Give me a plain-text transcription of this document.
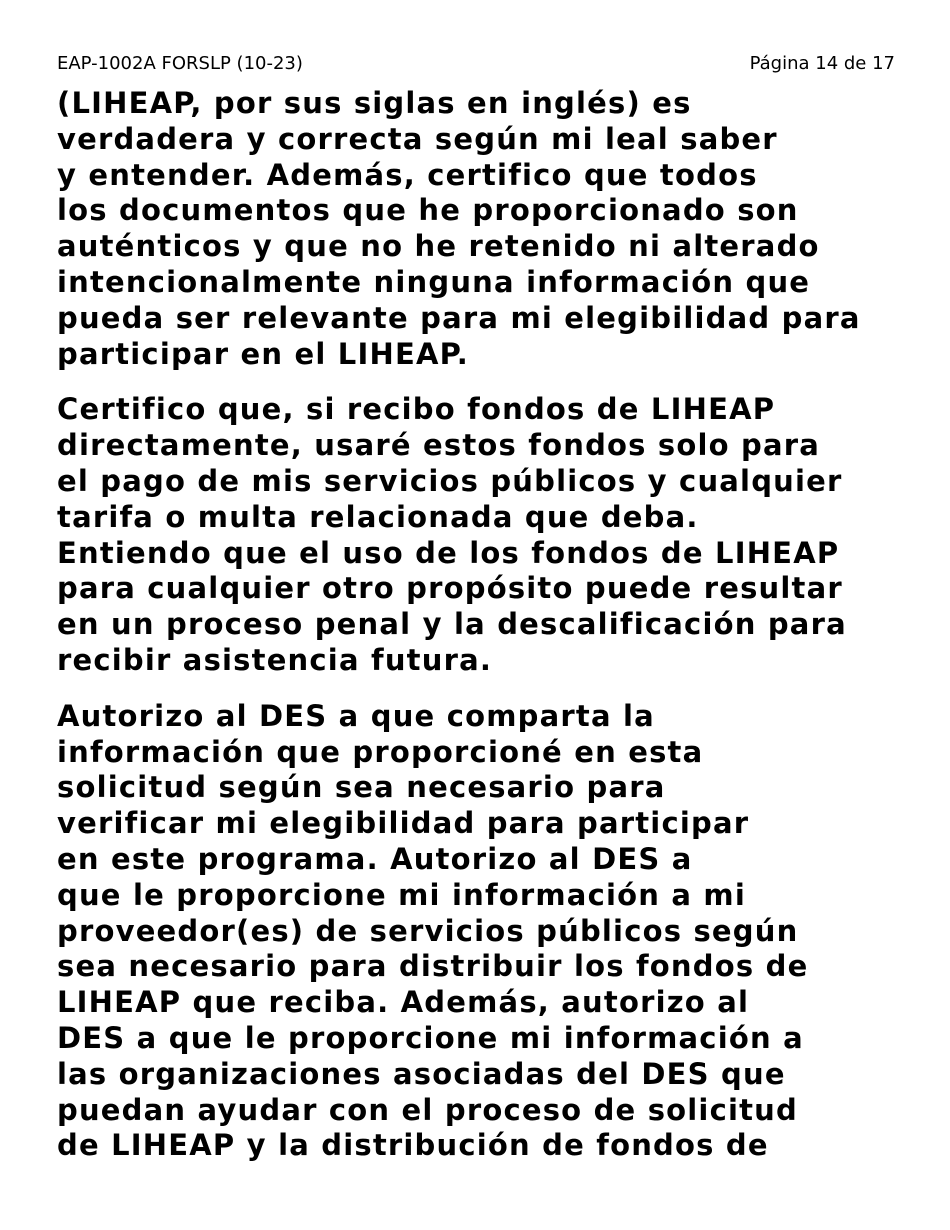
EAP-1002A FORSLP (10-23)	Página 14 de 17
(LIHEAP, por sus siglas en inglés) es
verdadera y correcta según mi leal saber
y entender. Además, certifico que todos
los documentos que he proporcionado son
auténticos y que no he retenido ni alterado
intencionalmente ninguna información que
pueda ser relevante para mi elegibilidad para
participar en el LIHEAP.
Certifico que, si recibo fondos de LIHEAP
directamente, usaré estos fondos solo para
el pago de mis servicios públicos y cualquier
tarifa o multa relacionada que deba.
Entiendo que el uso de los fondos de LIHEAP
para cualquier otro propósito puede resultar
en un proceso penal y la descalificación para
recibir asistencia futura.
Autorizo al DES a que comparta la
información que proporcioné en esta
solicitud según sea necesario para
verificar mi elegibilidad para participar
en este programa. Autorizo al DES a
que le proporcione mi información a mi
proveedor(es) de servicios públicos según
sea necesario para distribuir los fondos de
LIHEAP que reciba. Además, autorizo al
DES a que le proporcione mi información a
las organizaciones asociadas del DES que
puedan ayudar con el proceso de solicitud
de LIHEAP y la distribución de fondos de
